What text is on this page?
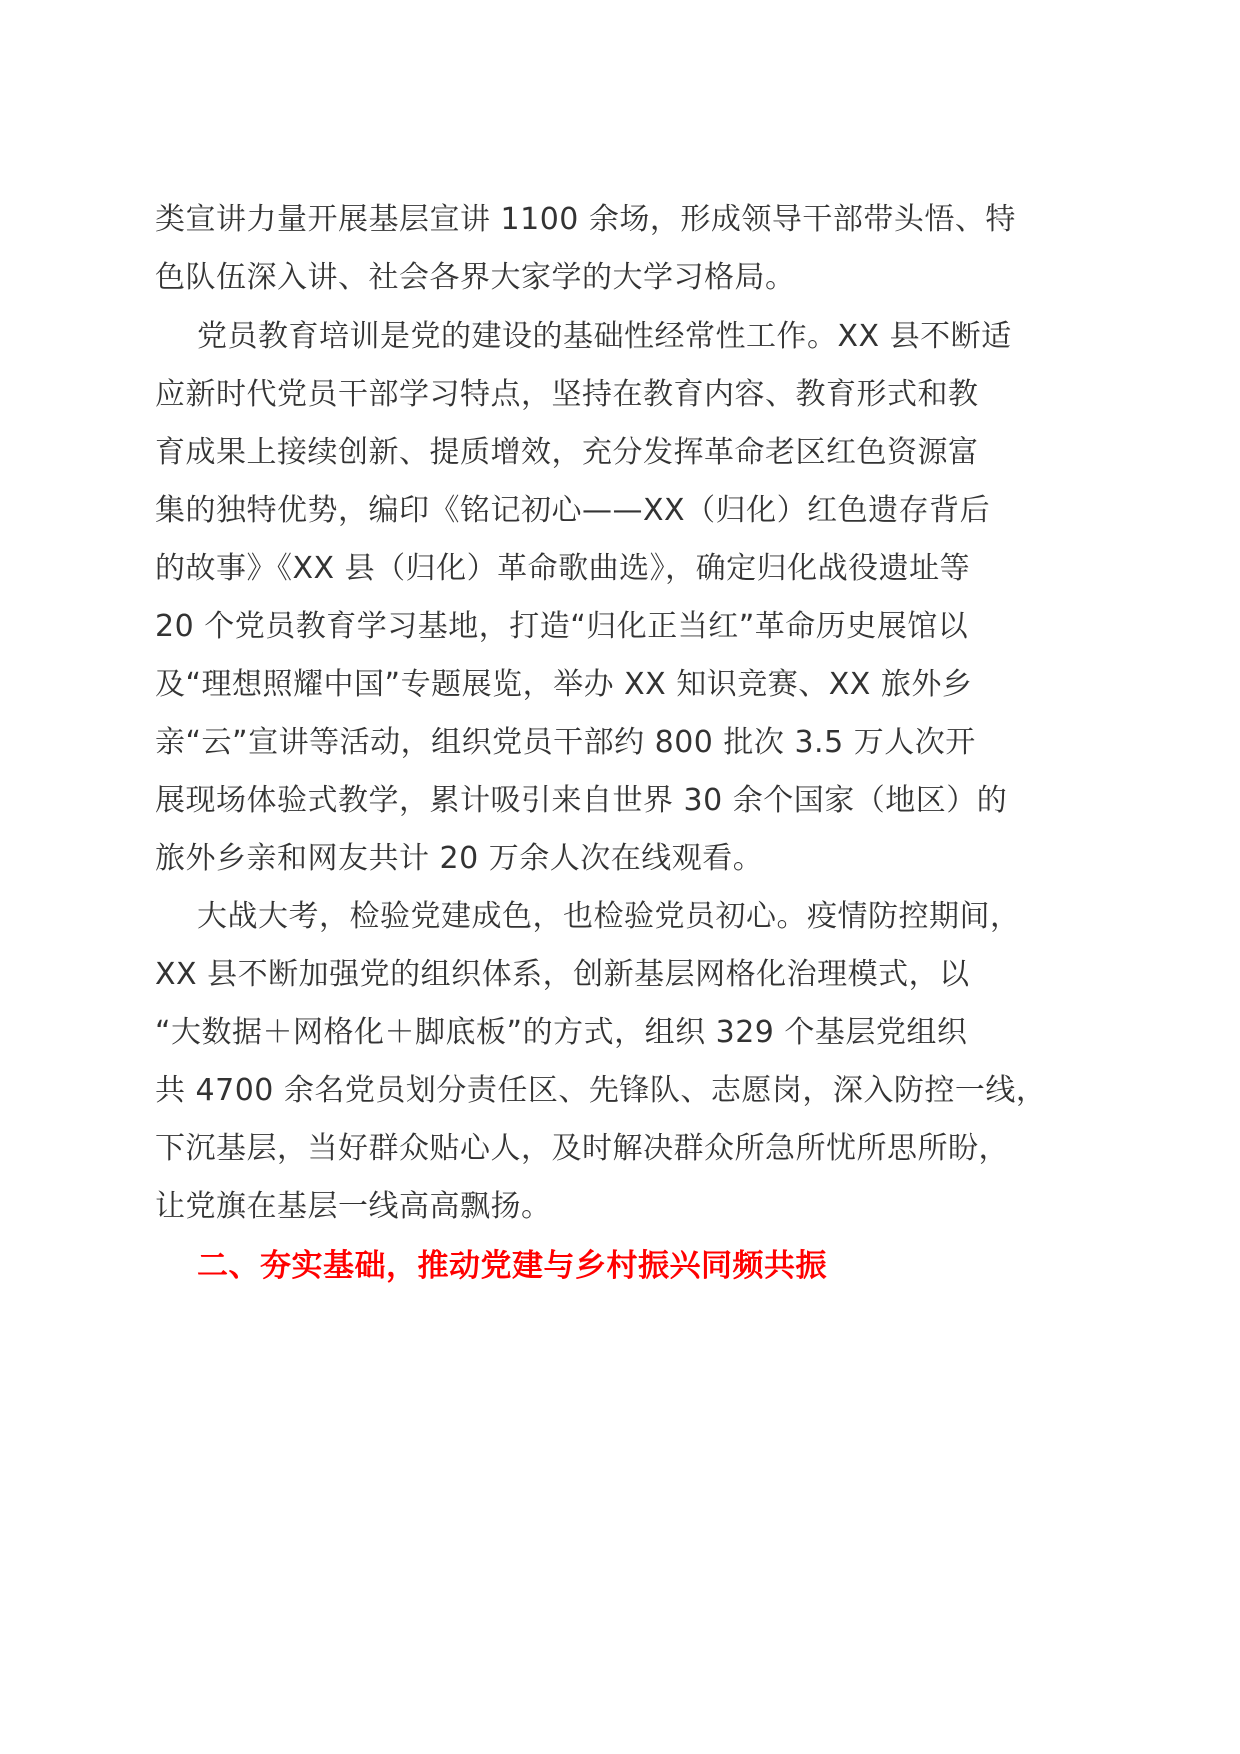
类宣讲力量开展基层宣讲 1100 余场，形成领导干部带头悟、特
色队伍深入讲、社会各界大家学的大学习格局。
党员教育培训是党的建设的基础性经常性工作。XX 县不断适
应新时代党员干部学习特点，坚持在教育内容、教育形式和教
育成果上接续创新、提质增效，充分发挥革命老区红色资源富
集的独特优势，编印《铭记初心——XX（归化）红色遗存背后
的故事》《XX 县（归化）革命歌曲选》，确定归化战役遗址等
20 个党员教育学习基地，打造“归化正当红”革命历史展馆以
及“理想照耀中国”专题展览，举办 XX 知识竞赛、XX 旅外乡
亲“云”宣讲等活动，组织党员干部约 800 批次 3.5 万人次开
展现场体验式教学，累计吸引来自世界 30 余个国家（地区）的
旅外乡亲和网友共计 20 万余人次在线观看。
大战大考，检验党建成色，也检验党员初心。疫情防控期间，
XX 县不断加强党的组织体系，创新基层网格化治理模式，以
“大数据＋网格化＋脚底板”的方式，组织 329 个基层党组织
共 4700 余名党员划分责任区、先锋队、志愿岗，深入防控一线，
下沉基层，当好群众贴心人，及时解决群众所急所忧所思所盼，
让党旗在基层一线高高飘扬。
二、夯实基础，推动党建与乡村振兴同频共振
